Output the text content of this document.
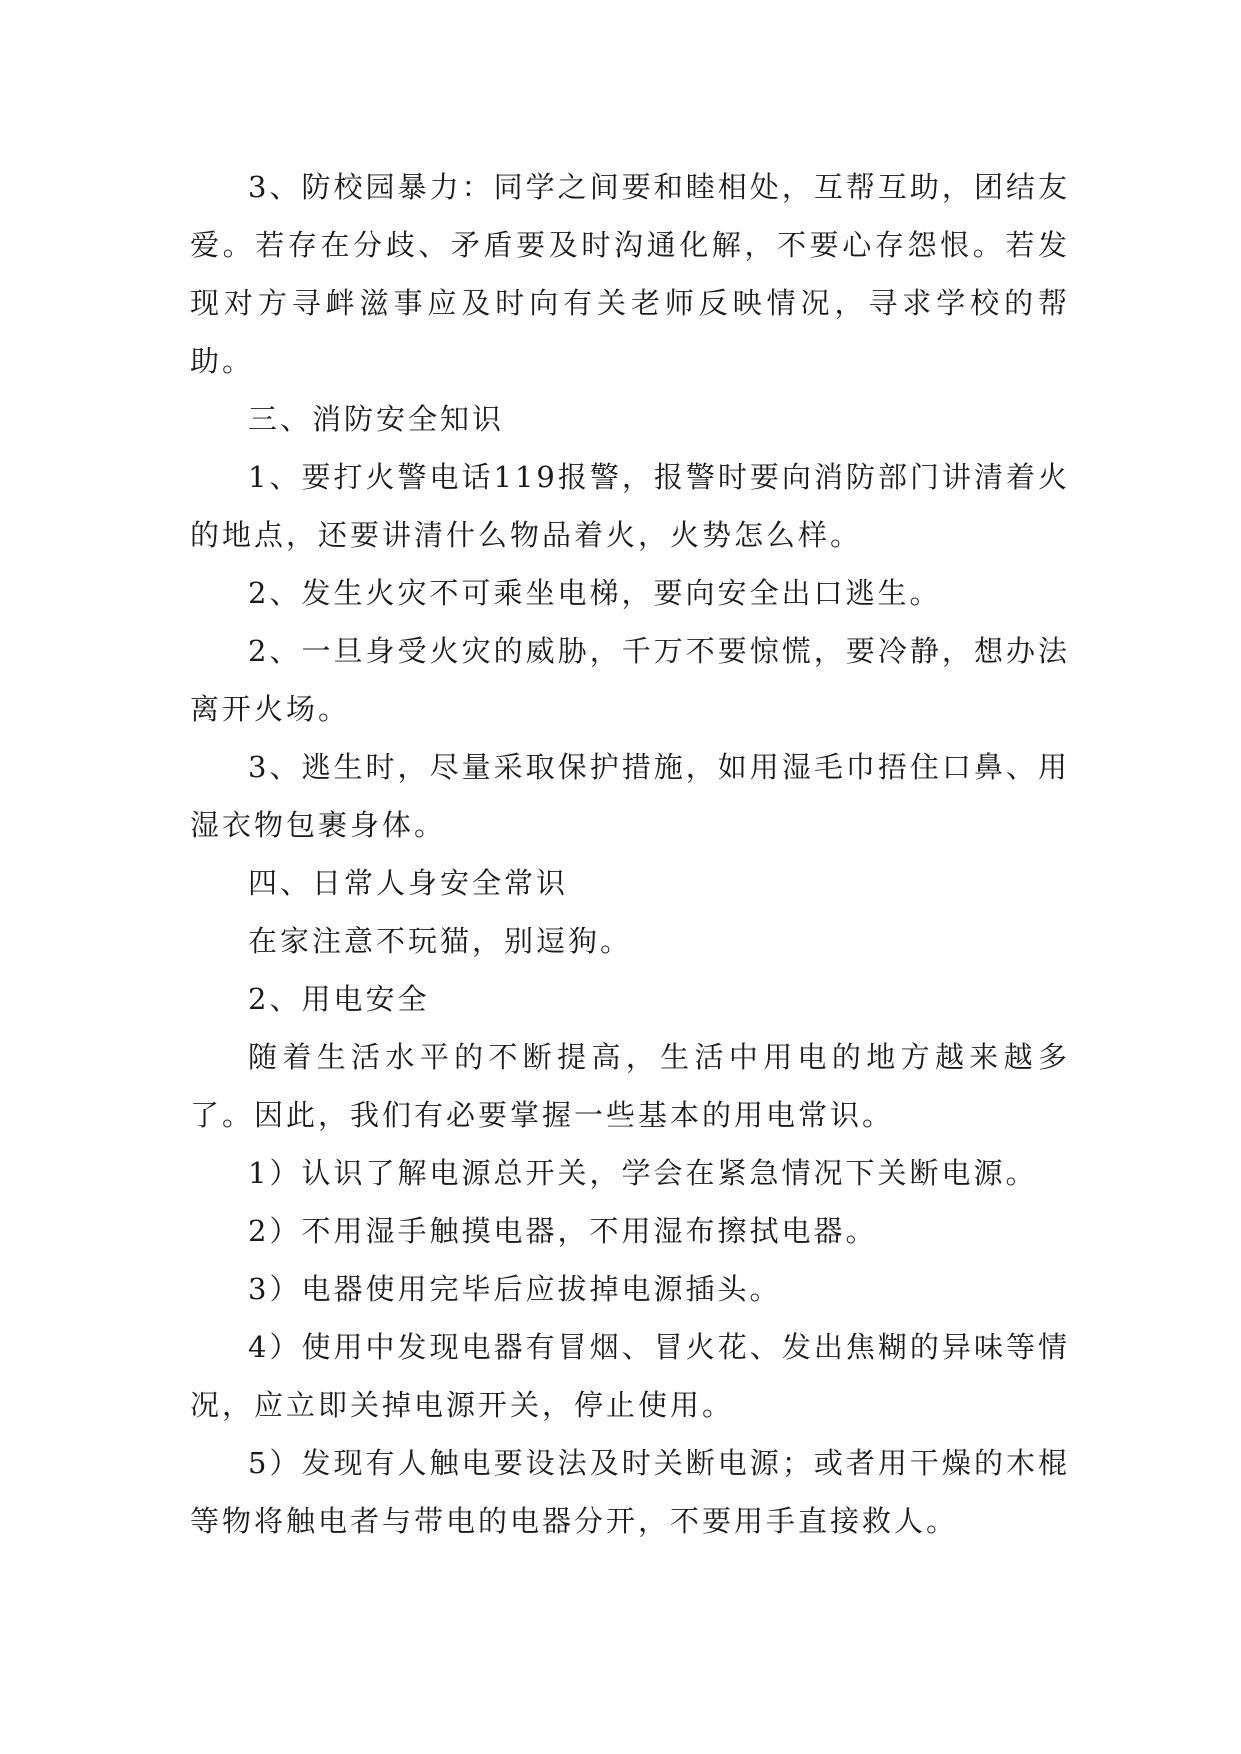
3、防校园暴力：同学之间要和睦相处，互帮互助，团结友爱。若存在分歧、矛盾要及时沟通化解，不要心存怨恨。若发现对方寻衅滋事应及时向有关老师反映情况，寻求学校的帮助。

三、消防安全知识

1、要打火警电话119报警，报警时要向消防部门讲清着火的地点，还要讲清什么物品着火，火势怎么样。

2、发生火灾不可乘坐电梯，要向安全出口逃生。

2、一旦身受火灾的威胁，千万不要惊慌，要冷静，想办法离开火场。

3、逃生时，尽量采取保护措施，如用湿毛巾捂住口鼻、用湿衣物包裹身体。

四、日常人身安全常识

在家注意不玩猫，别逗狗。

2、用电安全

随着生活水平的不断提高，生活中用电的地方越来越多了。因此，我们有必要掌握一些基本的用电常识。

1）认识了解电源总开关，学会在紧急情况下关断电源。

2）不用湿手触摸电器，不用湿布擦拭电器。

3）电器使用完毕后应拔掉电源插头。

4）使用中发现电器有冒烟、冒火花、发出焦糊的异味等情况，应立即关掉电源开关，停止使用。

5）发现有人触电要设法及时关断电源；或者用干燥的木棍等物将触电者与带电的电器分开，不要用手直接救人。
